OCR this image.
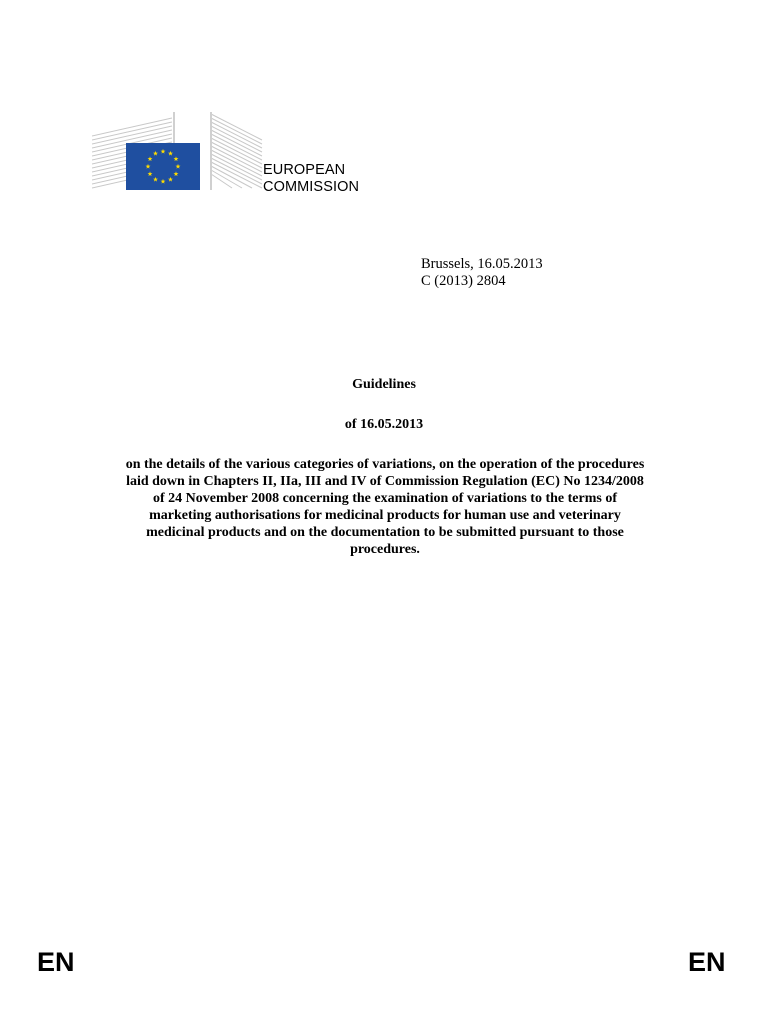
EUROPEAN
COMMISSION
Brussels, 16.05.2013
C (2013) 2804
Guidelines
of 16.05.2013
on the details of the various categories of variations, on the operation of the procedures
laid down in Chapters II, IIa, III and IV of Commission Regulation (EC) No 1234/2008
of 24 November 2008 concerning the examination of variations to the terms of
marketing authorisations for medicinal products for human use and veterinary
medicinal products and on the documentation to be submitted pursuant to those
procedures.
EN	EN
